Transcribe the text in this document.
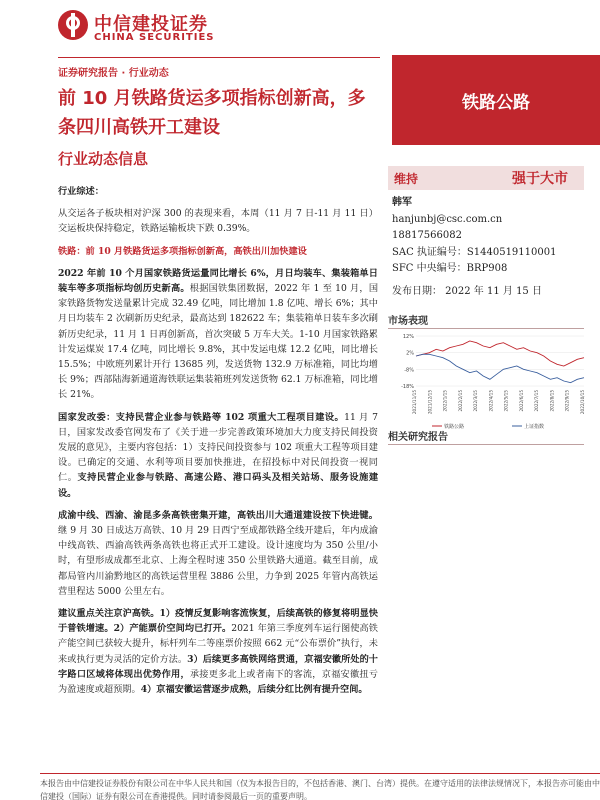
中信建投证券
CHINA SECURITIES
证券研究报告 · 行业动态
前 10 月铁路货运多项指标创新高，多条四川高铁开工建设
行业动态信息
铁路公路
维持	强于大市
韩军
hanjunbj@csc.com.cn
18817566082
SAC 执证编号：S1440519110001
SFC 中央编号：BRP908
发布日期： 2022 年 11 月 15 日
市场表现
12%
2%
-8%
-18%
2021/11/15 2021/12/15 2022/1/15 2022/2/15 2022/3/15 2022/4/15 2022/5/15 2022/6/15 2022/7/15 2022/8/15 2022/9/15 2022/10/15
铁路公路	上证指数
相关研究报告

行业综述：

从交运各子板块相对沪深 300 的表现来看，本周（11 月 7 日-11 月 11 日）交运板块保持稳定，铁路运输板块下跌 0.39%。

铁路：前 10 月铁路货运多项指标创新高，高铁出川加快建设

2022 年前 10 个月国家铁路货运量同比增长 6%，月日均装车、集装箱单日装车等多项指标均创历史新高。根据国铁集团数据，2022 年 1 至 10 月，国家铁路货物发送量累计完成 32.49 亿吨，同比增加 1.8 亿吨、增长 6%；其中月日均装车 2 次刷新历史纪录，最高达到 182622 车；集装箱单日装车多次刷新历史纪录，11 月 1 日再创新高，首次突破 5 万车大关。1-10 月国家铁路累计发运煤炭 17.4 亿吨，同比增长 9.8%，其中发运电煤 12.2 亿吨，同比增长 15.5%；中欧班列累计开行 13685 列，发送货物 132.9 万标准箱，同比均增长 9%；西部陆海新通道海铁联运集装箱班列发送货物 62.1 万标准箱，同比增长 21%。

国家发改委：支持民营企业参与铁路等 102 项重大工程项目建设。11 月 7 日，国家发改委官网发布了《关于进一步完善政策环境加大力度支持民间投资发展的意见》，主要内容包括：1）支持民间投资参与 102 项重大工程等项目建设。已确定的交通、水利等项目要加快推进，在招投标中对民间投资一视同仁。支持民营企业参与铁路、高速公路、港口码头及相关站场、服务设施建设。

成渝中线、西渝、渝昆多条高铁密集开建，高铁出川大通道建设按下快进键。继 9 月 30 日成达万高铁、10 月 29 日西宁至成都铁路全线开建后，年内成渝中线高铁、西渝高铁两条高铁也将正式开工建设。设计速度均为 350 公里/小时，有望形成成都至北京、上海全程时速 350 公里铁路大通道。截至目前，成都局管内川渝黔地区的高铁运营里程 3886 公里，力争到 2025 年管内高铁运营里程达 5000 公里左右。

建议重点关注京沪高铁。1）疫情反复影响客流恢复，后续高铁的修复将明显快于普铁增速。2）产能票价空间均已打开。2021 年第三季度列车运行图使高铁产能空间已获较大提升，标杆列车二等座票价按照 662 元“公布票价”执行，未来或执行更为灵活的定价方法。3）后续更多高铁网络贯通，京福安徽所处的十字路口区域将体现出优势作用，承接更多北上或者南下的客流，京福安徽扭亏为盈速度或超预期。4）京福安徽运营逐步成熟，后续分红比例有提升空间。

本报告由中信建投证券股份有限公司在中华人民共和国（仅为本报告目的，不包括香港、澳门、台湾）提供。在遵守适用的法律法规情况下，本报告亦可能由中信建投（国际）证券有限公司在香港提供。同时请参阅最后一页的重要声明。
